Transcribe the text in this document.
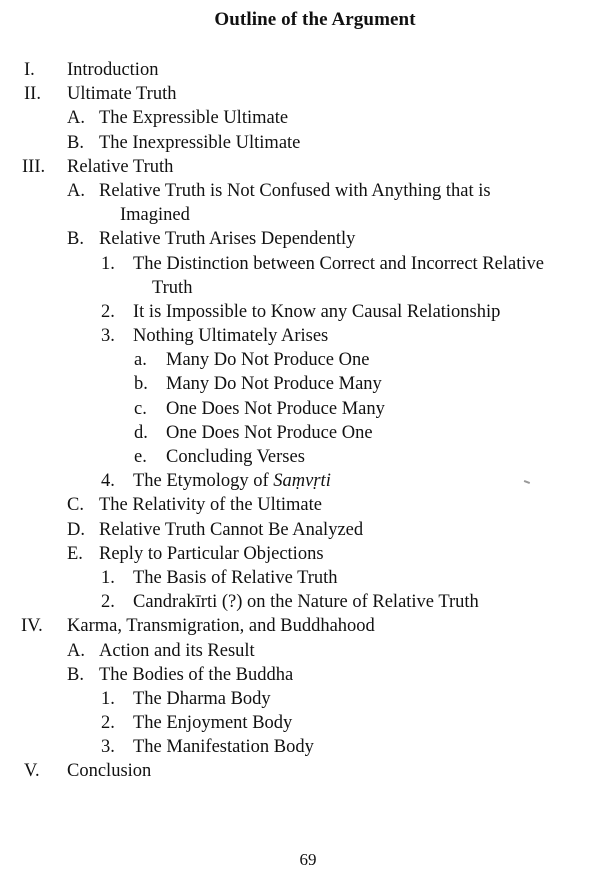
Outline of the Argument
I. Introduction
II. Ultimate Truth
A. The Expressible Ultimate
B. The Inexpressible Ultimate
III. Relative Truth
A. Relative Truth is Not Confused with Anything that is
Imagined
B. Relative Truth Arises Dependently
1. The Distinction between Correct and Incorrect Relative
Truth
2. It is Impossible to Know any Causal Relationship
3. Nothing Ultimately Arises
a. Many Do Not Produce One
b. Many Do Not Produce Many
c. One Does Not Produce Many
d. One Does Not Produce One
e. Concluding Verses
4. The Etymology of Saṃvṛti
C. The Relativity of the Ultimate
D. Relative Truth Cannot Be Analyzed
E. Reply to Particular Objections
1. The Basis of Relative Truth
2. Candrakīrti (?) on the Nature of Relative Truth
IV. Karma, Transmigration, and Buddhahood
A. Action and its Result
B. The Bodies of the Buddha
1. The Dharma Body
2. The Enjoyment Body
3. The Manifestation Body
V. Conclusion
69
